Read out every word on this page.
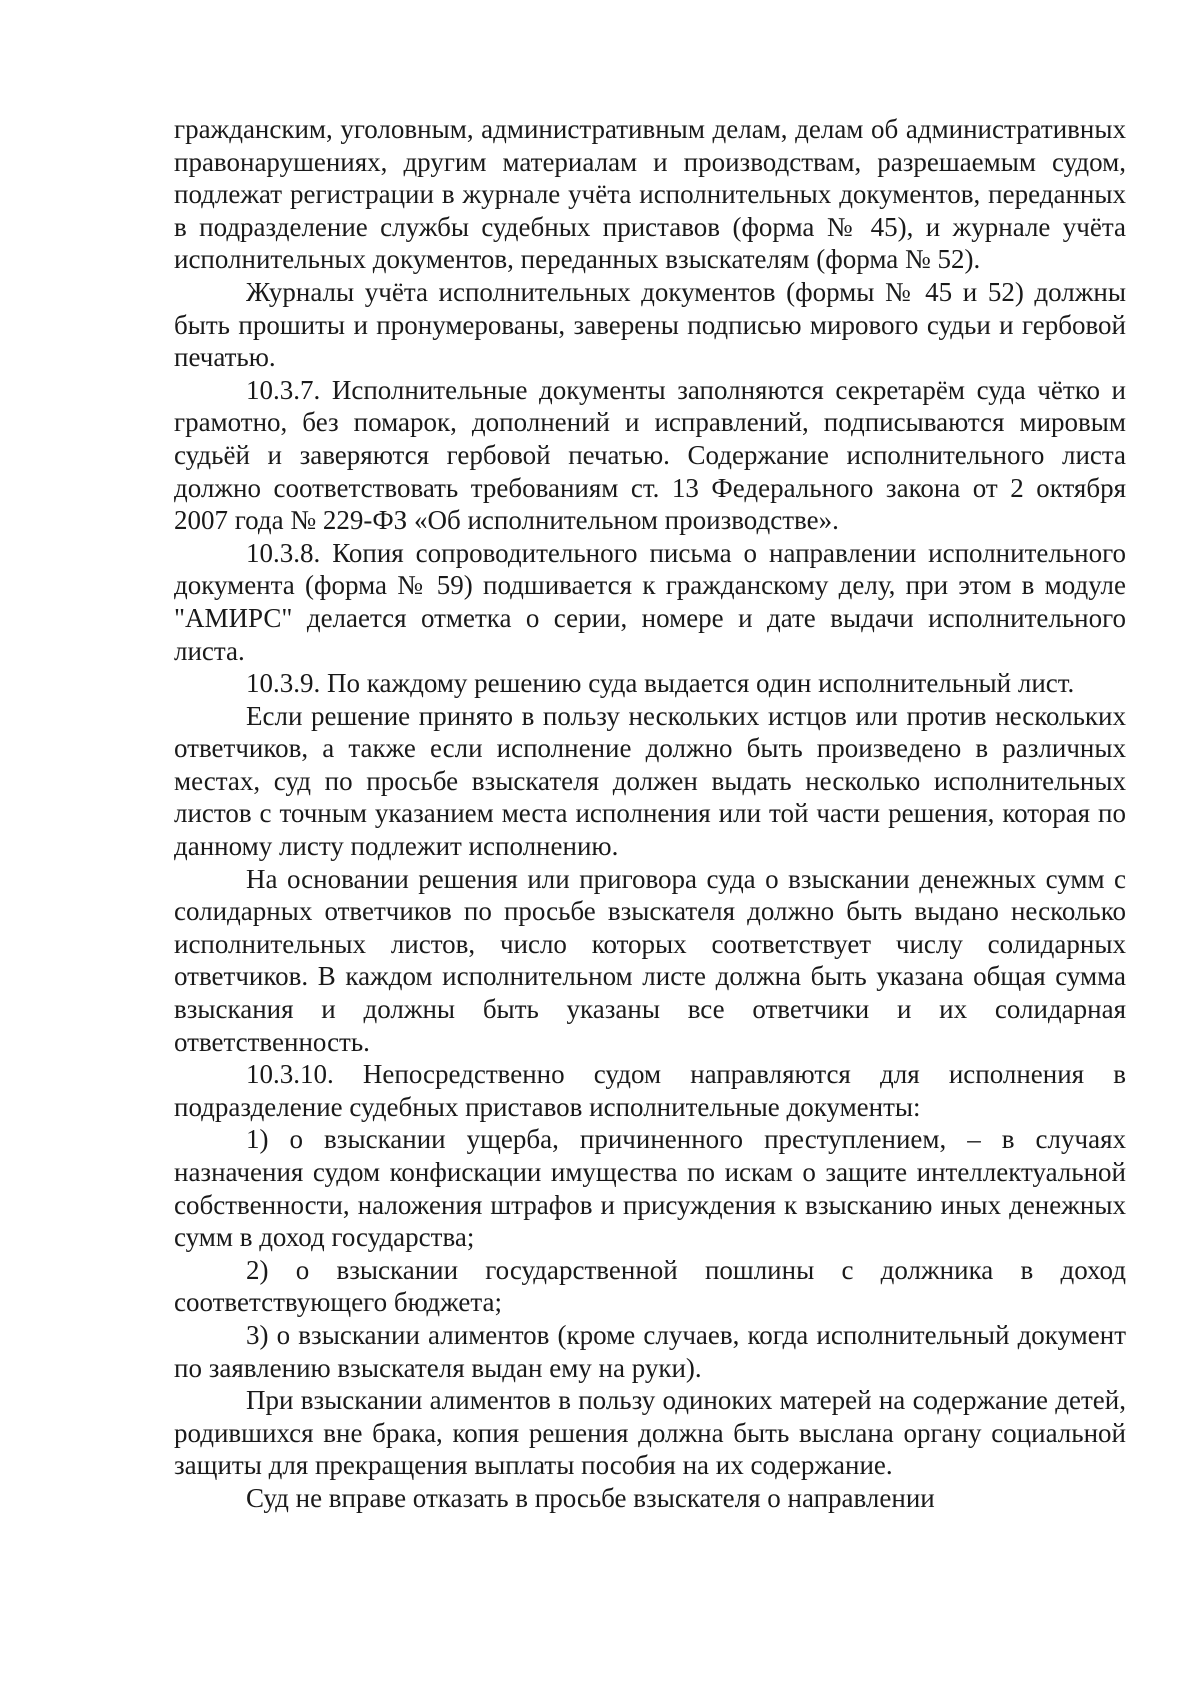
гражданским, уголовным, административным делам, делам об административных правонарушениях, другим материалам и производствам, разрешаемым судом, подлежат регистрации в журнале учёта исполнительных документов, переданных в подразделение службы судебных приставов (форма № 45), и журнале учёта исполнительных документов, переданных взыскателям (форма № 52).

Журналы учёта исполнительных документов (формы № 45 и 52) должны быть прошиты и пронумерованы, заверены подписью мирового судьи и гербовой печатью.

10.3.7. Исполнительные документы заполняются секретарём суда чётко и грамотно, без помарок, дополнений и исправлений, подписываются мировым судьёй и заверяются гербовой печатью. Содержание исполнительного листа должно соответствовать требованиям ст. 13 Федерального закона от 2 октября 2007 года № 229-ФЗ «Об исполнительном производстве».

10.3.8. Копия сопроводительного письма о направлении исполнительного документа (форма № 59) подшивается к гражданскому делу, при этом в модуле "АМИРС" делается отметка о серии, номере и дате выдачи исполнительного листа.

10.3.9. По каждому решению суда выдается один исполнительный лист.

Если решение принято в пользу нескольких истцов или против нескольких ответчиков, а также если исполнение должно быть произведено в различных местах, суд по просьбе взыскателя должен выдать несколько исполнительных листов с точным указанием места исполнения или той части решения, которая по данному листу подлежит исполнению.

На основании решения или приговора суда о взыскании денежных сумм с солидарных ответчиков по просьбе взыскателя должно быть выдано несколько исполнительных листов, число которых соответствует числу солидарных ответчиков. В каждом исполнительном листе должна быть указана общая сумма взыскания и должны быть указаны все ответчики и их солидарная ответственность.

10.3.10. Непосредственно судом направляются для исполнения в подразделение судебных приставов исполнительные документы:

1) о взыскании ущерба, причиненного преступлением, – в случаях назначения судом конфискации имущества по искам о защите интеллектуальной собственности, наложения штрафов и присуждения к взысканию иных денежных сумм в доход государства;

2) о взыскании государственной пошлины с должника в доход соответствующего бюджета;

3) о взыскании алиментов (кроме случаев, когда исполнительный документ по заявлению взыскателя выдан ему на руки).

При взыскании алиментов в пользу одиноких матерей на содержание детей, родившихся вне брака, копия решения должна быть выслана органу социальной защиты для прекращения выплаты пособия на их содержание.

Суд не вправе отказать в просьбе взыскателя о направлении
